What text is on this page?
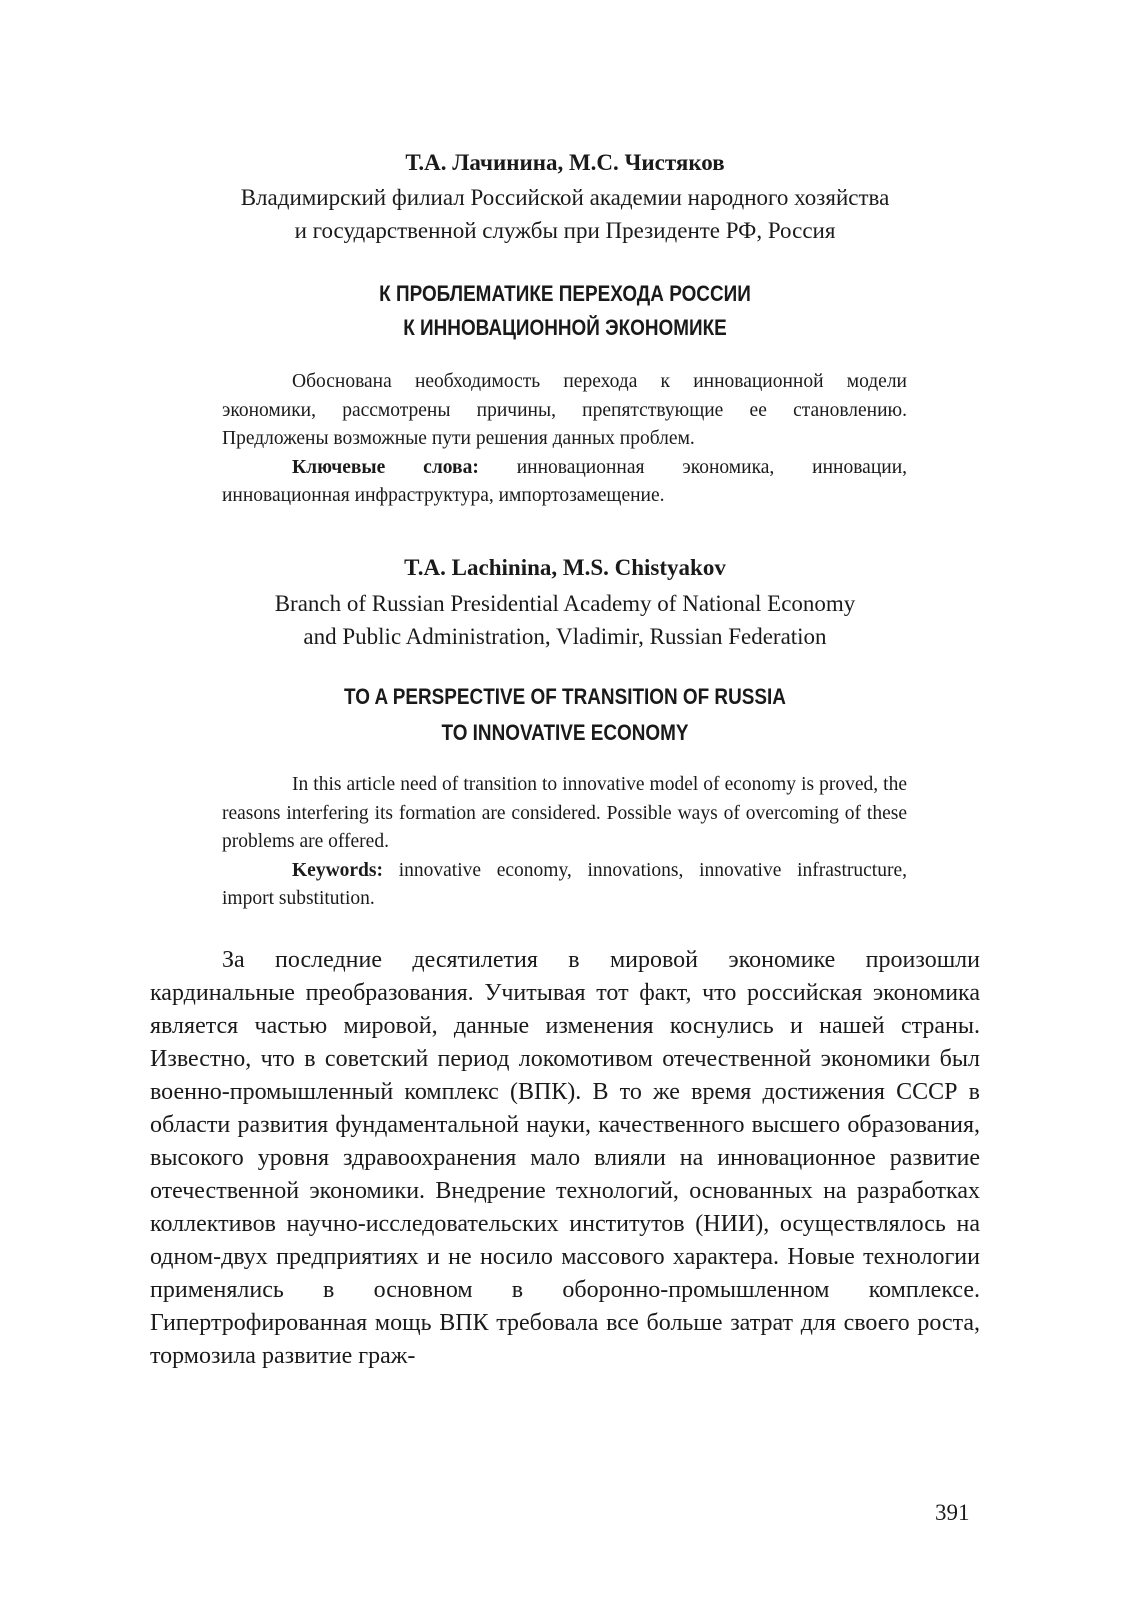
Т.А. Лачинина, М.С. Чистяков
Владимирский филиал Российской академии народного хозяйства
и государственной службы при Президенте РФ, Россия
К ПРОБЛЕМАТИКЕ ПЕРЕХОДА РОССИИ
К ИННОВАЦИОННОЙ ЭКОНОМИКЕ

Обоснована необходимость перехода к инновационной модели экономики, рассмотрены причины, препятствующие ее становлению. Предложены возможные пути решения данных проблем.

Ключевые слова: инновационная экономика, инновации, инновационная инфраструктура, импортозамещение.

T.A. Lachinina, M.S. Chistyakov
Branch of Russian Presidential Academy of National Economy
and Public Administration, Vladimir, Russian Federation
TO A PERSPECTIVE OF TRANSITION OF RUSSIA
TO INNOVATIVE ECONOMY

In this article need of transition to innovative model of economy is proved, the reasons interfering its formation are considered. Possible ways of overcoming of these problems are offered.

Keywords: innovative economy, innovations, innovative infrastructure, import substitution.

За последние десятилетия в мировой экономике произошли кардинальные преобразования. Учитывая тот факт, что российская экономика является частью мировой, данные изменения коснулись и нашей страны. Известно, что в советский период локомотивом отечественной экономики был военно-промышленный комплекс (ВПК). В то же время достижения СССР в области развития фундаментальной науки, качественного высшего образования, высокого уровня здравоохранения мало влияли на инновационное развитие отечественной экономики. Внедрение технологий, основанных на разработках коллективов научно-исследовательских институтов (НИИ), осуществлялось на одном-двух предприятиях и не носило массового характера. Новые технологии применялись в основном в оборонно-промышленном комплексе. Гипертрофированная мощь ВПК требовала все больше затрат для своего роста, тормозила развитие граж-

391
